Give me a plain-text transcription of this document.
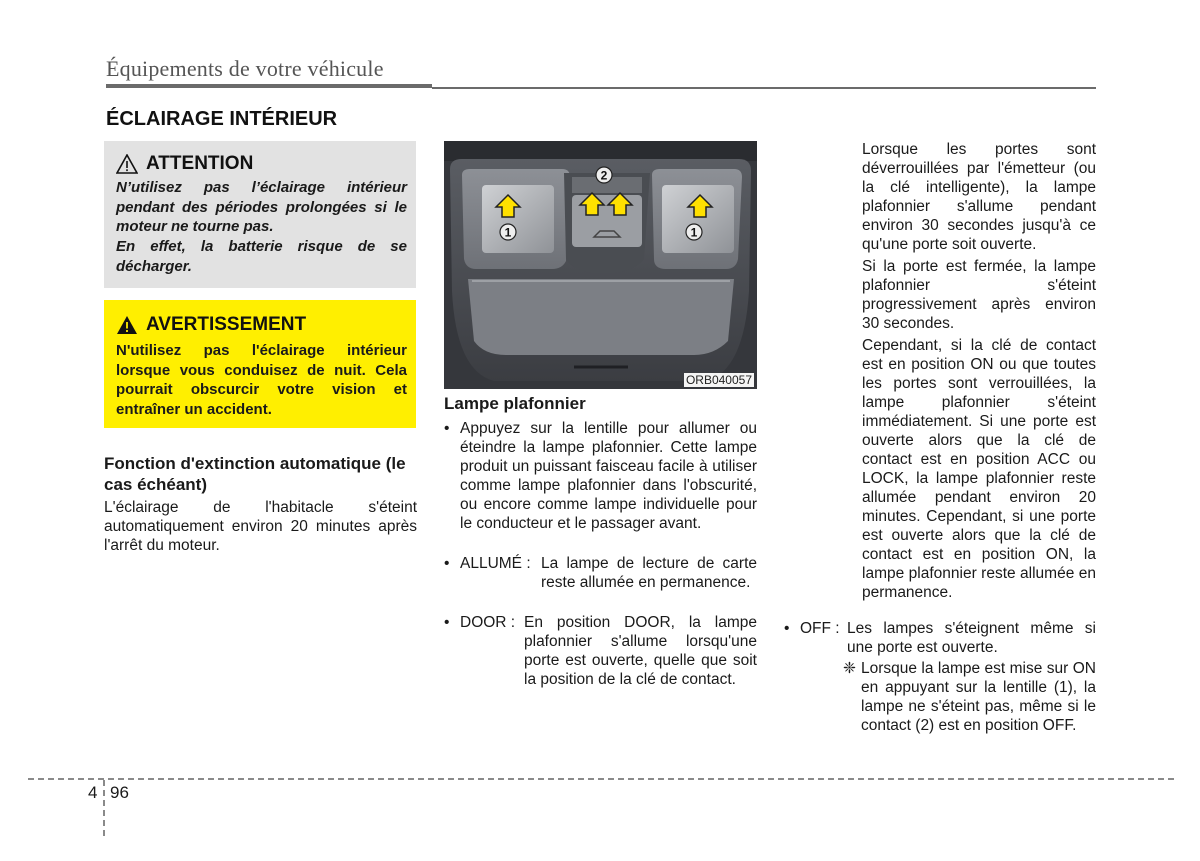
Équipements de votre véhicule
ÉCLAIRAGE INTÉRIEUR
ATTENTION
N’utilisez pas l’éclairage intérieur pendant des périodes prolongées si le moteur ne tourne pas.
En effet, la batterie risque de se décharger.
AVERTISSEMENT
N'utilisez pas l'éclairage intérieur lorsque vous conduisez de nuit. Cela pourrait obscurcir votre vision et entraîner un accident.
Fonction d'extinction automatique (le cas échéant)
L'éclairage de l'habitacle s'éteint automatiquement environ 20 minutes après l'arrêt du moteur.
1
2
1
ORB040057
Lampe plafonnier
• Appuyez sur la lentille pour allumer ou éteindre la lampe plafonnier. Cette lampe produit un puissant faisceau facile à utiliser comme lampe plafonnier dans l'obscurité, ou encore comme lampe individuelle pour le conducteur et le passager avant.
• ALLUMÉ : La lampe de lecture de carte reste allumée en permanence.
• DOOR : En position DOOR, la lampe plafonnier s'allume lorsqu'une porte est ouverte, quelle que soit la position de la clé de contact.

Lorsque les portes sont déverrouillées par l'émetteur (ou la clé intelligente), la lampe plafonnier s'allume pendant environ 30 secondes jusqu'à ce qu'une porte soit ouverte.

Si la porte est fermée, la lampe plafonnier s'éteint progressivement après environ 30 secondes.

Cependant, si la clé de contact est en position ON ou que toutes les portes sont verrouillées, la lampe plafonnier s'éteint immédiatement. Si une porte est ouverte alors que la clé de contact est en position ACC ou LOCK, la lampe plafonnier reste allumée pendant environ 20 minutes. Cependant, si une porte est ouverte alors que la clé de contact est en position ON, la lampe plafonnier reste allumée en permanence.

• OFF : Les lampes s'éteignent même si une porte est ouverte.
❈ Lorsque la lampe est mise sur ON en appuyant sur la lentille (1), la lampe ne s'éteint pas, même si le contact (2) est en position OFF.
4 96
